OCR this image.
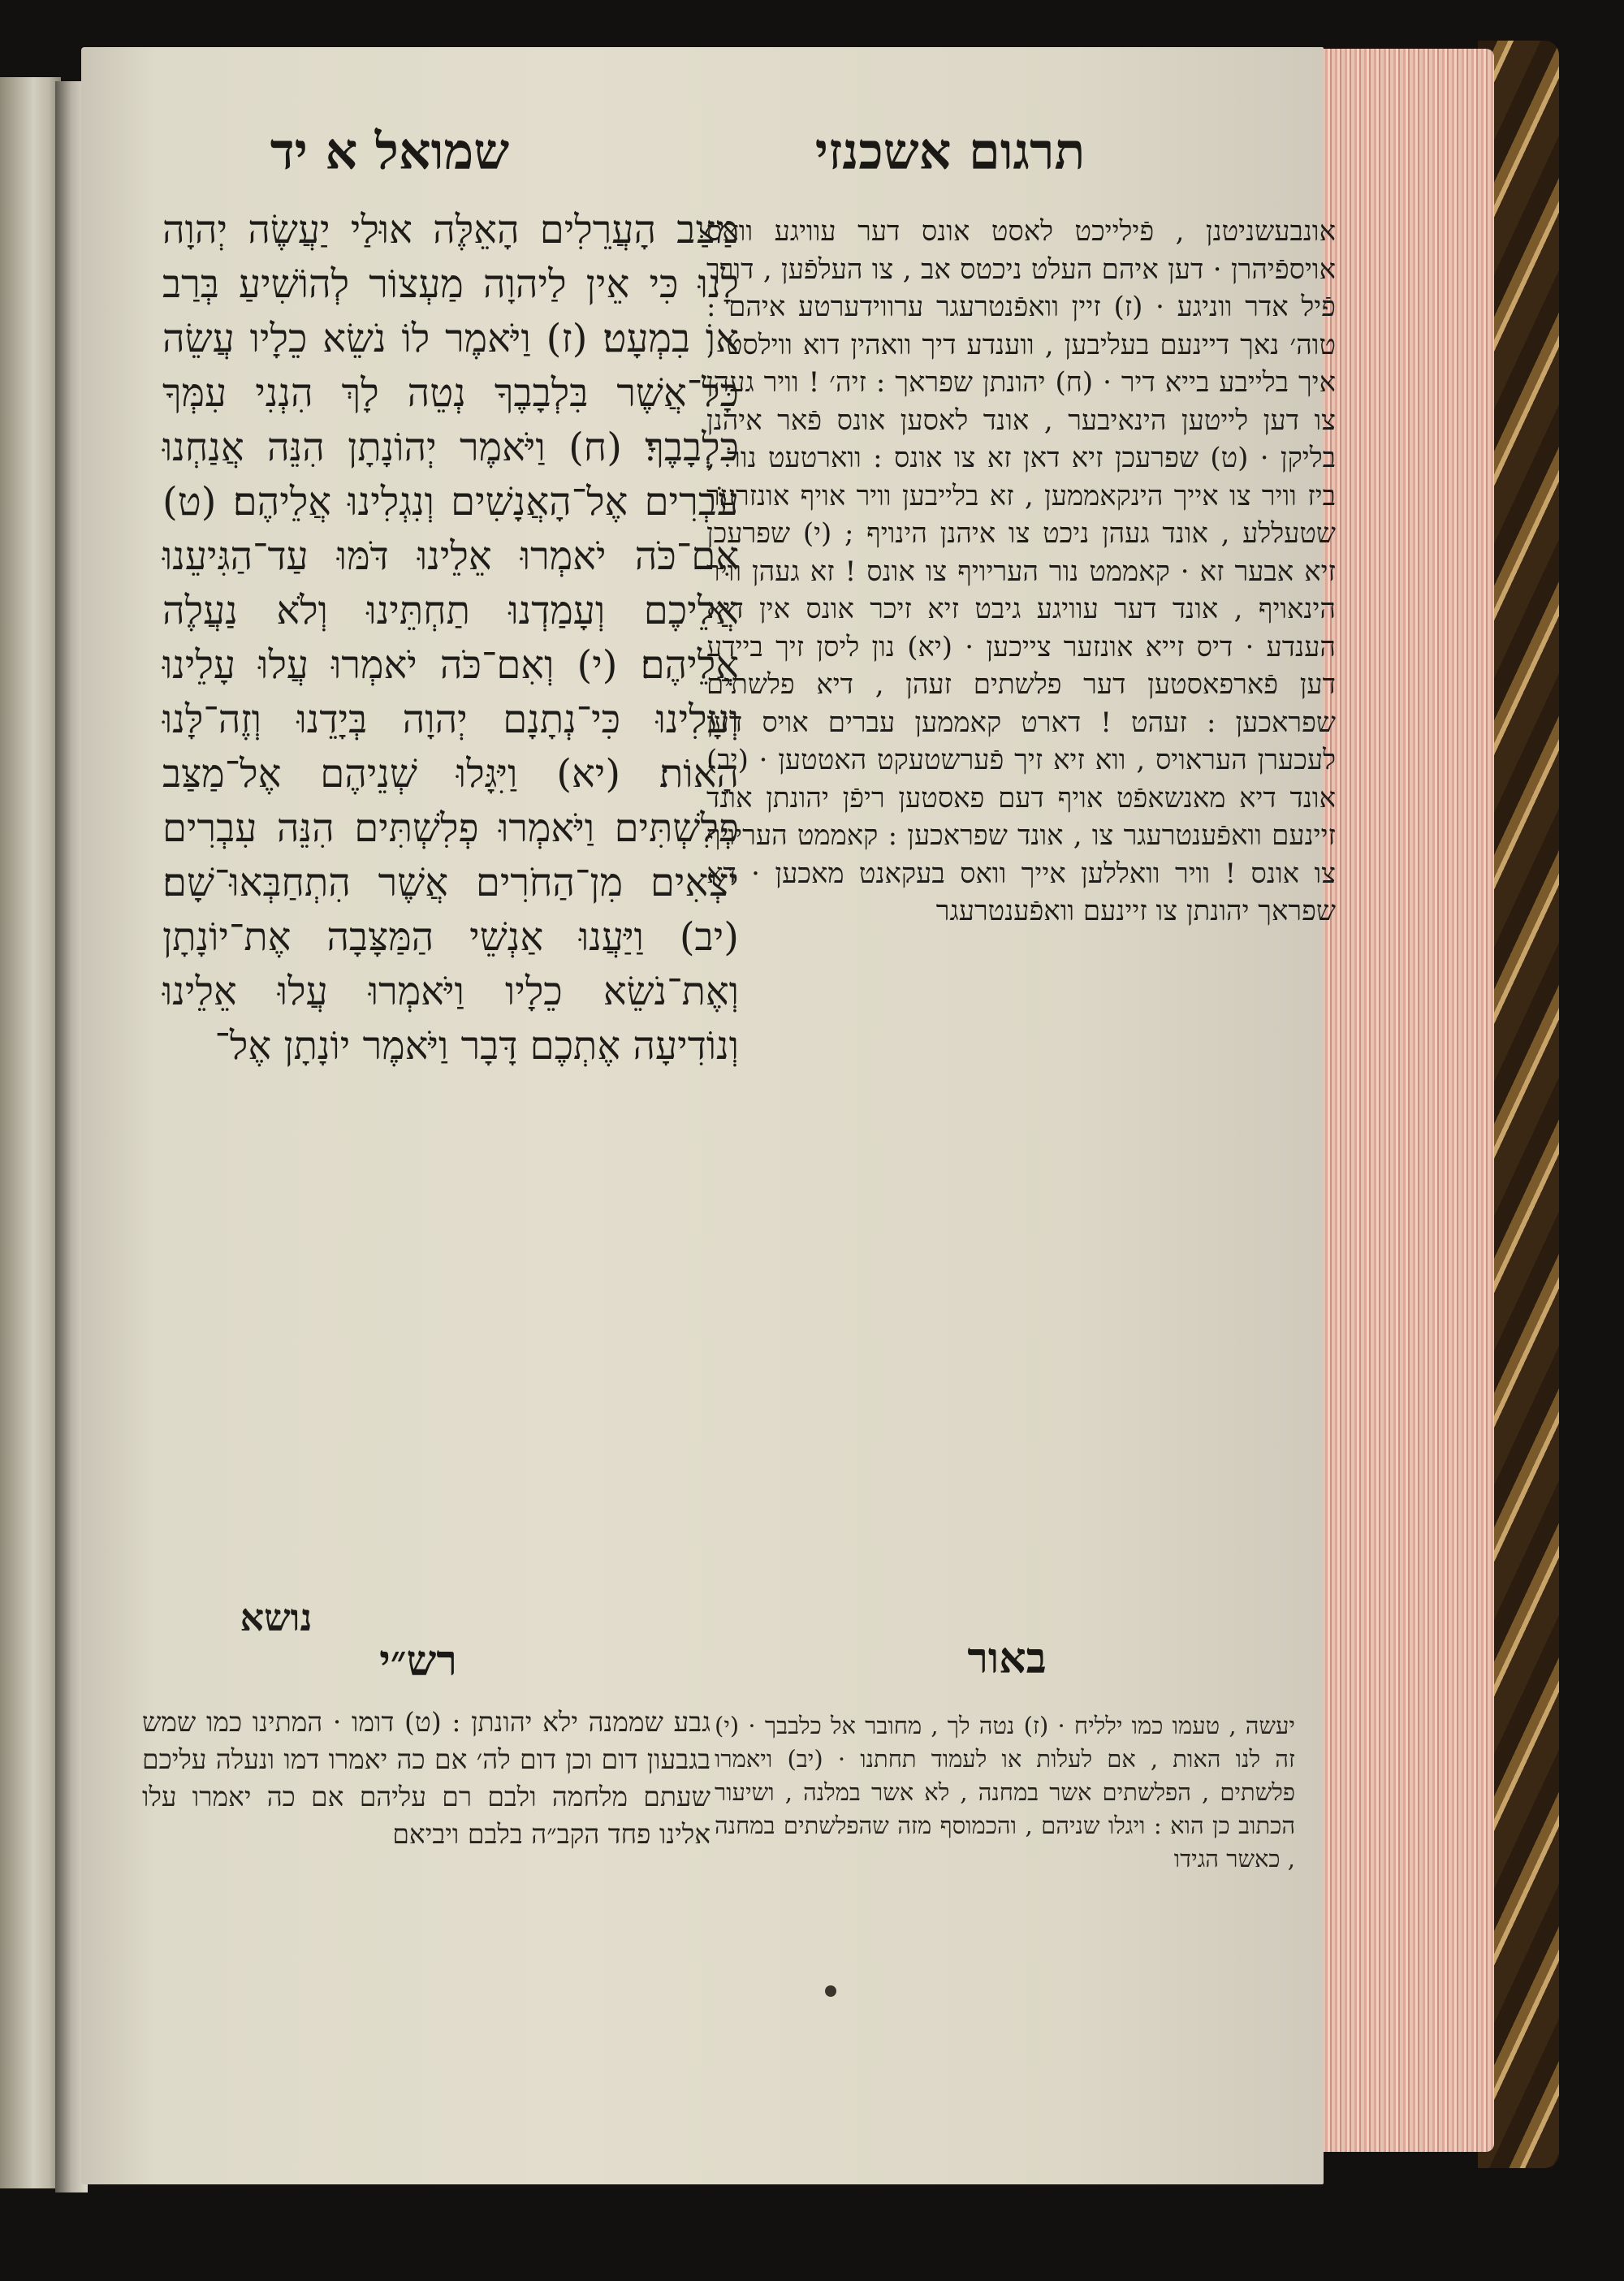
תרגום אשכנזי
שמואל א יד

מַצַּב הָעֲרֵלִים הָאֵלֶּה אוּלַי יַעֲשֶׂה יְהוָה לָנוּ כִּי אֵין לַיהוָה מַעְצוֹר לְהוֹשִׁיעַ בְּרַב אוֹ בִמְעָט׃ (ז) וַיֹּאמֶר לוֹ נֹשֵׂא כֵלָיו עֲשֵׂה כָּל־אֲשֶׁר בִּלְבָבֶךָ נְטֵה לָךְ הִנְנִי עִמְּךָ כִּלְבָבֶךָ׃ (ח) וַיֹּאמֶר יְהוֹנָתָן הִנֵּה אֲנַחְנוּ עֹבְרִים אֶל־הָאֲנָשִׁים וְנִגְלִינוּ אֲלֵיהֶם׃ (ט) אִם־כֹּה יֹאמְרוּ אֵלֵינוּ דֹּמּוּ עַד־הַגִּיעֵנוּ אֲלֵיכֶם וְעָמַדְנוּ תַחְתֵּינוּ וְלֹא נַעֲלֶה אֲלֵיהֶם׃ (י) וְאִם־כֹּה יֹאמְרוּ עֲלוּ עָלֵינוּ וְעָלִינוּ כִּי־נְתָנָם יְהוָה בְּיָדֵנוּ וְזֶה־לָּנוּ הָאוֹת׃ (יא) וַיִּגָּלוּ שְׁנֵיהֶם אֶל־מַצַּב פְּלִשְׁתִּים וַיֹּאמְרוּ פְלִשְׁתִּים הִנֵּה עִבְרִים יֹצְאִים מִן־הַחֹרִים אֲשֶׁר הִתְחַבְּאוּ־שָׁם׃ (יב) וַיַּעֲנוּ אַנְשֵׁי הַמַּצָּבָה אֶת־יוֹנָתָן וְאֶת־נֹשֵׂא כֵלָיו וַיֹּאמְרוּ עֲלוּ אֵלֵינוּ וְנוֹדִיעָה אֶתְכֶם דָּבָר וַיֹּאמֶר יוֹנָתָן אֶל־

אונבעשניטנן , פֿילייכט לאסט אונס דער עוויגע וואס אויספֿיהרן · דען איהם העלט ניכטס אב , צו העלפֿען , דורך פֿיל אדר ווניגע · (ז) זיין וואפֿנטרעגר ערווידערטע איהם : טוה׳ נאך דיינעם בעליבען , ווענדע דיך וואהין דוא ווילסט , איך בלייבע בייא דיר · (ח) יהונתן שפראך : זיה׳ ! וויר געהן צו דען לייטען הינאיבער , אונד לאסען אונס פֿאר איהנן בליקן · (ט) שפרעכן זיא דאן זא צו אונס : ווארטעט נור , ביז וויר צו אייך הינקאממען , זא בלייבען וויר אויף אונזרער שטעללע , אונד געהן ניכט צו איהנן הינויף ; (י) שפרעכן זיא אבער זא · קאממט נור העריויף צו אונס ! זא געהן וויר הינאויף , אונד דער עוויגע גיבט זיא זיכר אונס אין דיא הענדע · דיס זייא אונזער צייכען · (יא) נון ליסן זיך ביידע דען פֿארפאסטען דער פלשתים זעהן , דיא פלשתים שפראכען : זעהט ! דארט קאממען עברים אויס דען לעכערן העראויס , ווא זיא זיך פֿערשטעקט האטטען · (יב) אונד דיא מאנשאפֿט אויף דעם פאסטען ריפֿן יהונתן אונד זיינעם וואפֿענטרעגר צו , אונד שפראכען : קאממט העריויף צו אונס ! וויר וואללען אייך וואס בעקאנט מאכען · דא שפראך יהונתן צו זיינעם וואפֿענטרעגר

נושא
רש״י	באור

גבע שממנה ילא יהונתן : (ט) דומו · המתינו כמו שמש בגבעון דום וכן דום לה׳ אם כה יאמרו דמו ונעלה עליכם שעתם מלחמה ולבם רם עליהם אם כה יאמרו עלו אלינו פחד הקב״ה בלבם ויביאם

יעשה , טעמו כמו ילליח · (ז) נטה לך , מחובר אל כלבבך · (י) זה לנו האות , אם לעלות או לעמוד תחתנו · (יב) ויאמרו פלשתים , הפלשתים אשר במחנה , לא אשר במלנה , ושיעור הכתוב כן הוא : ויגלו שניהם , והכמוסף מזה שהפלשתים במחנה , כאשר הגידו
